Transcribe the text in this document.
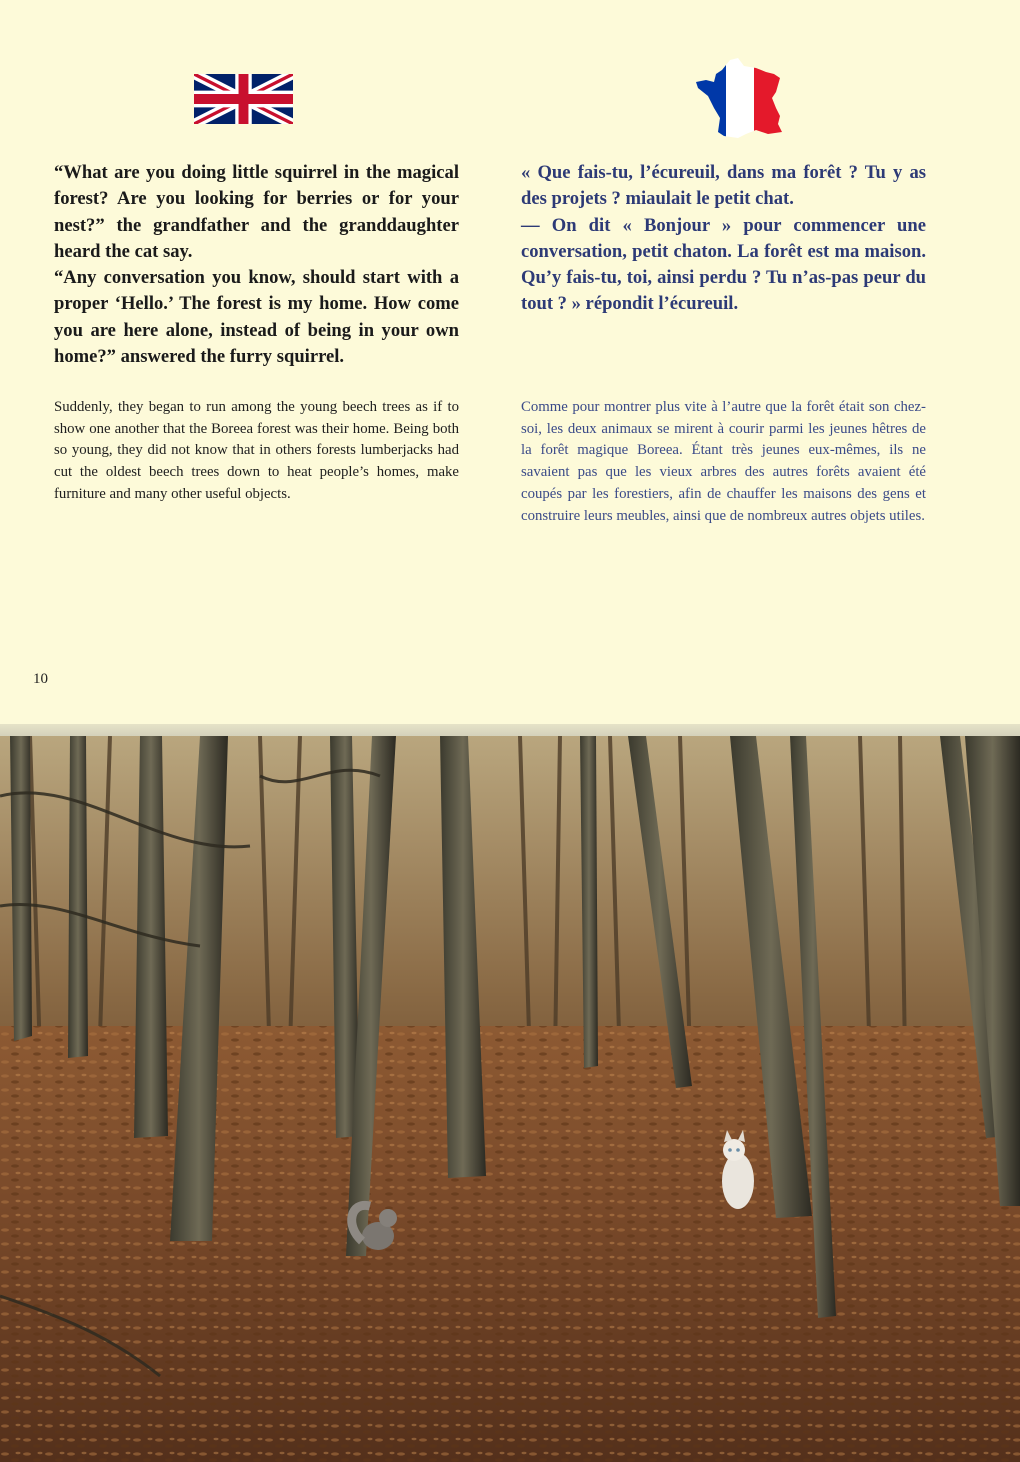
“What are you doing little squirrel in the magical forest? Are you looking for berries or for your nest?” the grandfather and the granddaughter heard the cat say.

“Any conversation you know, should start with a proper ‘Hello.’ The forest is my home. How come you are here alone, instead of being in your own home?” answered the furry squirrel.

« Que fais-tu, l’écureuil, dans ma forêt ? Tu y as des projets ? miaulait le petit chat.

— On dit « Bonjour » pour commencer une conversation, petit chaton. La forêt est ma maison. Qu’y fais-tu, toi, ainsi perdu ? Tu n’as-pas peur du tout ? » répondit l’écureuil.

Suddenly, they began to run among the young beech trees as if to show one another that the Boreea forest was their home. Being both so young, they did not know that in others forests lumberjacks had cut the oldest beech trees down to heat people’s homes, make furniture and many other useful objects.

Comme pour montrer plus vite à l’autre que la forêt était son chez-soi, les deux animaux se mirent à courir parmi les jeunes hêtres de la forêt magique Boreea. Étant très jeunes eux-mêmes, ils ne savaient pas que les vieux arbres des autres forêts avaient été coupés par les forestiers, afin de chauffer les maisons des gens et construire leurs meubles, ainsi que de nombreux autres objets utiles.

10
